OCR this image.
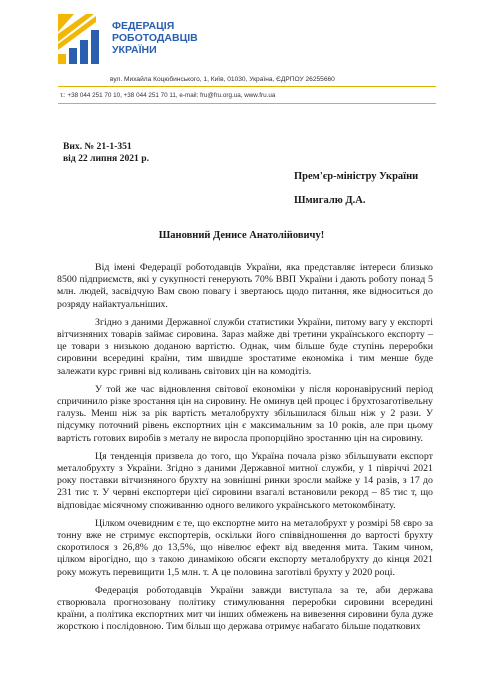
ФЕДЕРАЦІЯ
РОБОТОДАВЦІВ
УКРАЇНИ
вул. Михайла Коцюбинського, 1, Київ, 01030, Україна, ЄДРПОУ 26255660
т.: +38 044 251 70 10, +38 044 251 70 11, e-mail: fru@fru.org.ua, www.fru.ua
Вих. № 21-1-351
від 22 липня 2021 р.
Прем'єр-міністру України
Шмигалю Д.А.
Шановний Денисе Анатолійовичу!

Від імені Федерації роботодавців України, яка представляє інтереси близько 8500 підприємств, які у сукупності генерують 70% ВВП України і дають роботу понад 5 млн. людей, засвідчую Вам свою повагу і звертаюсь щодо питання, яке відноситься до розряду найактуальніших.

Згідно з даними Державної служби статистики України, питому вагу у експорті вітчизняних товарів займає сировина. Зараз майже дві третини українського експорту – це товари з низькою доданою вартістю. Однак, чим більше буде ступінь переробки сировини всередині країни, тим швидше зростатиме економіка і тим менше буде залежати курс гривні від коливань світових цін на комодітіз.

У той же час відновлення світової економіки у після коронавірусний період спричинило різке зростання цін на сировину. Не оминув цей процес і брухтозаготівельну галузь. Менш ніж за рік вартість металобрухту збільшилася більш ніж у 2 рази. У підсумку поточний рівень експортних цін є максимальним за 10 років, але при цьому вартість готових виробів з металу не виросла пропорційно зростанню цін на сировину.

Ця тенденція призвела до того, що Україна почала різко збільшувати експорт металобрухту з України. Згідно з даними Державної митної служби, у 1 півріччі 2021 року поставки вітчизняного брухту на зовнішні ринки зросли майже у 14 разів, з 17 до 231 тис т. У червні експортери цієї сировини взагалі встановили рекорд – 85 тис т, що відповідає місячному споживанню одного великого українського метокомбінату.

Цілком очевидним є те, що експортне мито на металобрухт у розмірі 58 євро за тонну вже не стримує експортерів, оскільки його співвідношення до вартості брухту скоротилося з 26,8% до 13,5%, що нівелює ефект від введення мита. Таким чином, цілком вірогідно, що з такою динамікою обсяги експорту металобрухту до кінця 2021 року можуть перевищити 1,5 млн. т. А це половина заготівлі брухту у 2020 році.

Федерація роботодавців України завжди виступала за те, аби держава створювала прогнозовану політику стимулювання переробки сировини всередині країни, а політика експортних мит чи інших обмежень на вивезення сировини була дуже жорсткою і послідовною. Тим більш що держава отримує набагато більше податкових
